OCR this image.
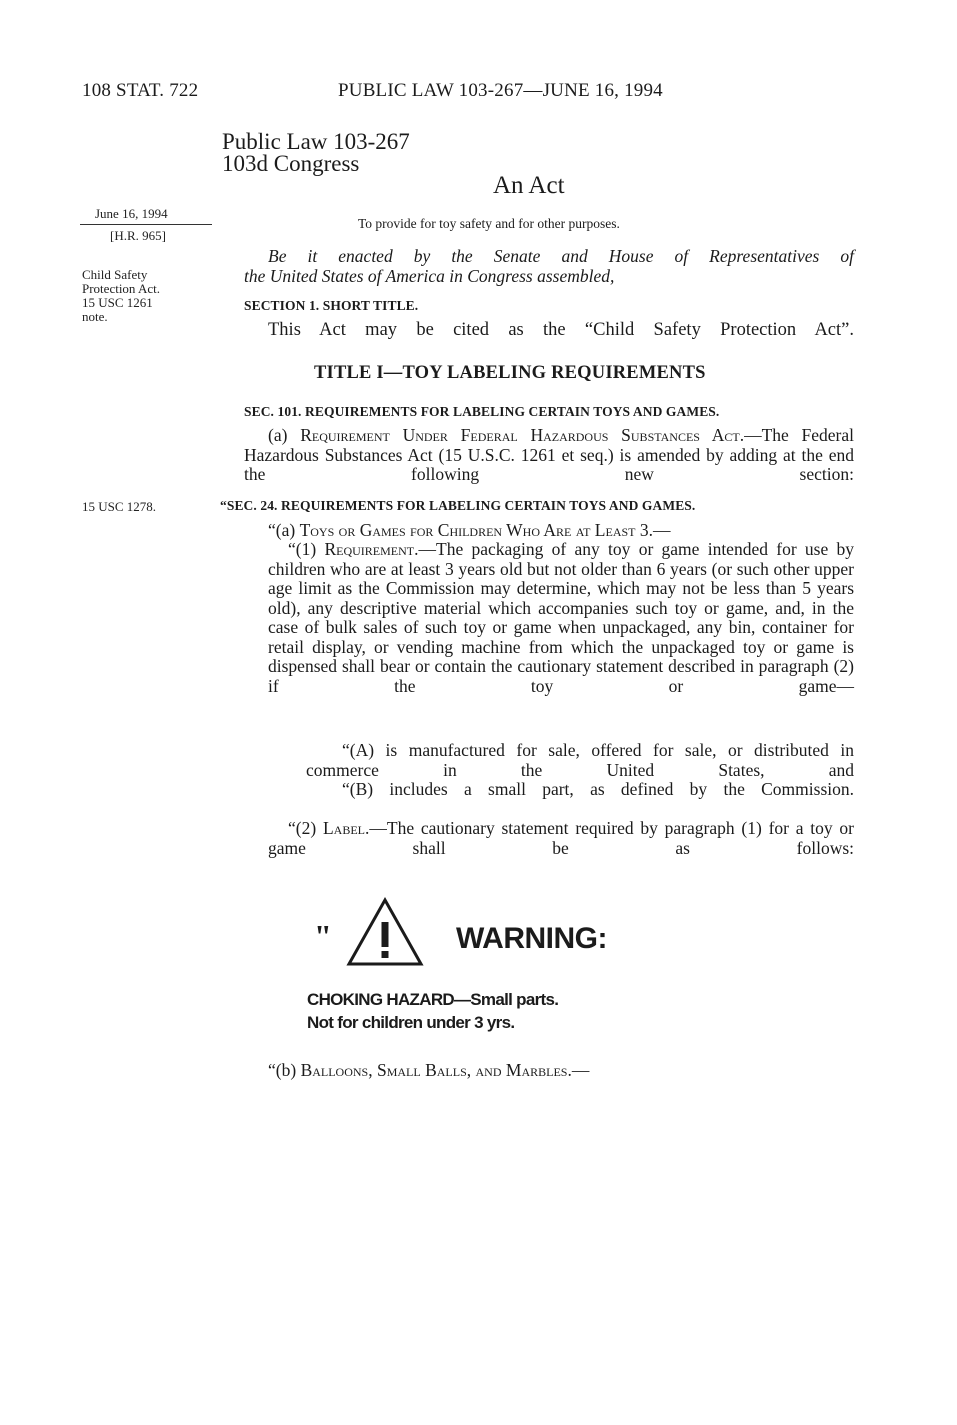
108 STAT. 722	PUBLIC LAW 103-267—JUNE 16, 1994
Public Law 103-267
103d Congress
An Act
To provide for toy safety and for other purposes.
June 16, 1994
[H.R. 965]
Child Safety
Protection Act.
15 USC 1261
note.
15 USC 1278.
Be it enacted by the Senate and House of Representatives of
the United States of America in Congress assembled,
SECTION 1. SHORT TITLE.
This Act may be cited as the “Child Safety Protection Act”.
TITLE I—TOY LABELING REQUIREMENTS
SEC. 101. REQUIREMENTS FOR LABELING CERTAIN TOYS AND GAMES.
(a) Requirement Under Federal Hazardous Substances Act.—The Federal Hazardous Substances Act (15 U.S.C. 1261 et seq.) is amended by adding at the end the following new section:
“SEC. 24. REQUIREMENTS FOR LABELING CERTAIN TOYS AND GAMES.
“(a) Toys or Games for Children Who Are at Least 3.—
“(1) Requirement.—The packaging of any toy or game intended for use by children who are at least 3 years old but not older than 6 years (or such other upper age limit as the Commission may determine, which may not be less than 5 years old), any descriptive material which accompanies such toy or game, and, in the case of bulk sales of such toy or game when unpackaged, any bin, container for retail display, or vending machine from which the unpackaged toy or game is dispensed shall bear or contain the cautionary statement described in paragraph (2) if the toy or game—
“(A) is manufactured for sale, offered for sale, or distributed in commerce in the United States, and
“(B) includes a small part, as defined by the Commission.
“(2) Label.—The cautionary statement required by paragraph (1) for a toy or game shall be as follows:
"	WARNING:
CHOKING HAZARD—Small parts.
Not for children under 3 yrs.
“(b) Balloons, Small Balls, and Marbles.—
